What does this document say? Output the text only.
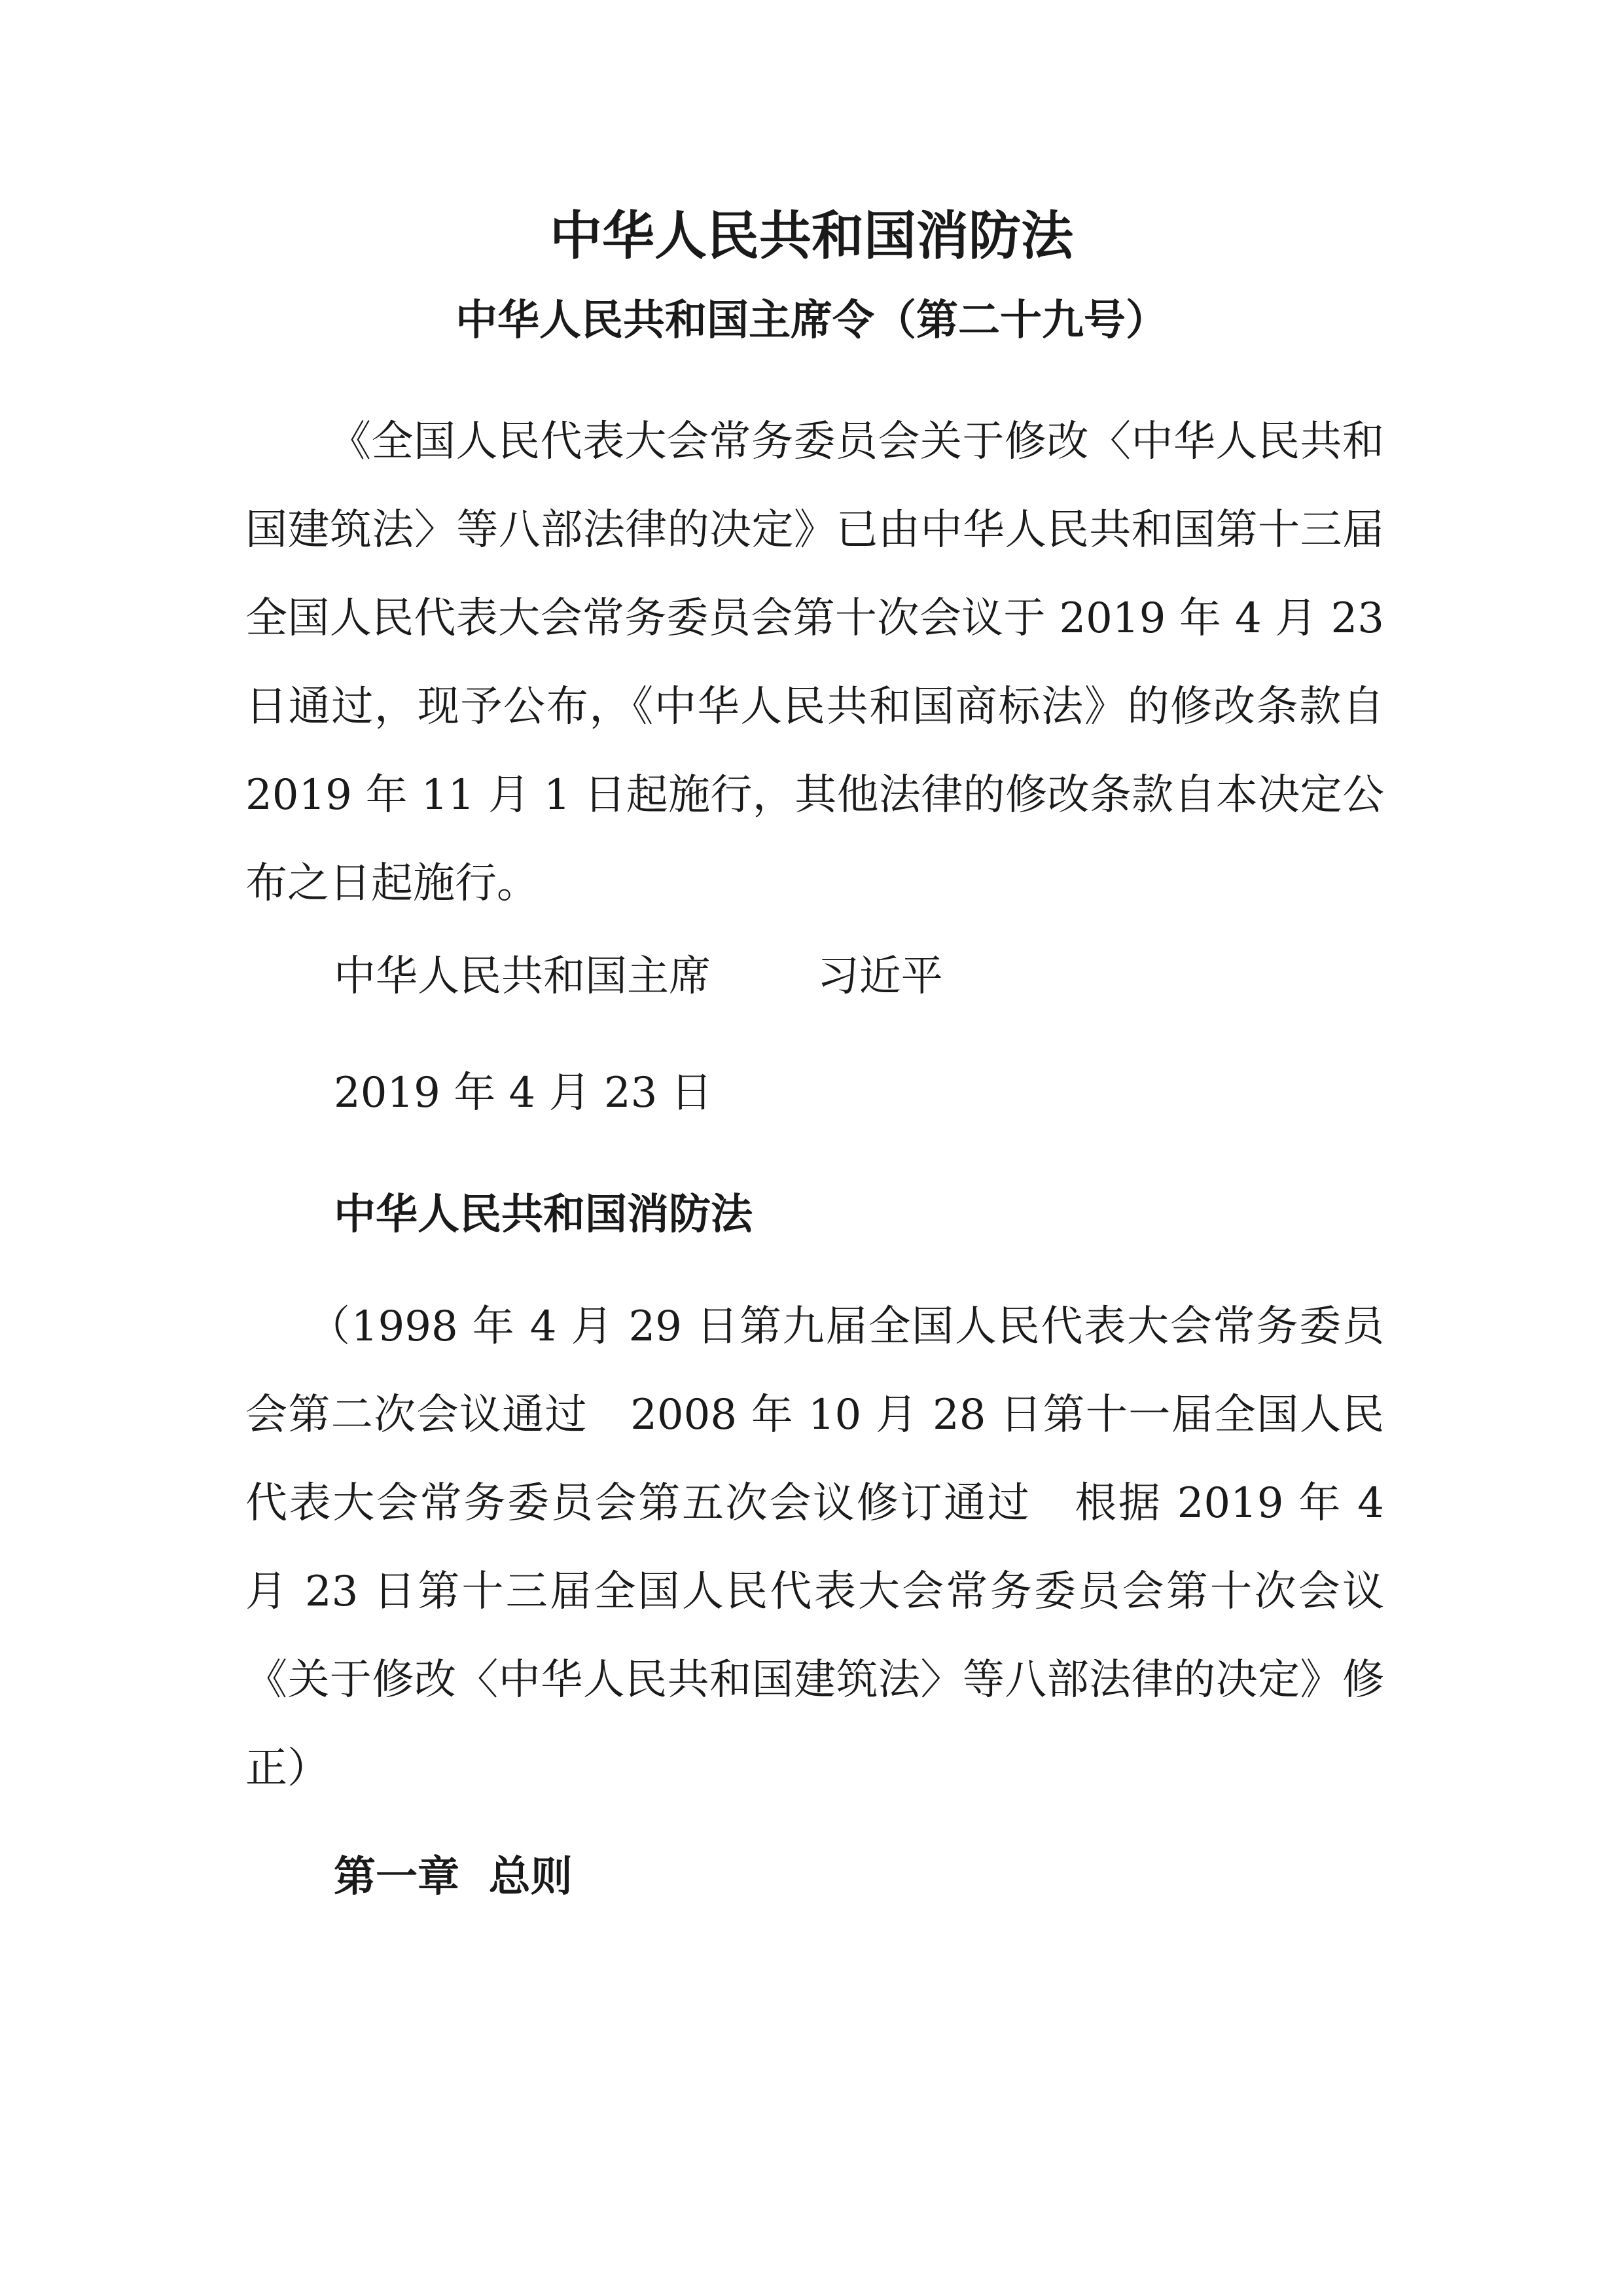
中华人民共和国消防法
中华人民共和国主席令（第二十九号）

《全国人民代表大会常务委员会关于修改〈中华人民共和国建筑法〉等八部法律的决定》已由中华人民共和国第十三届全国人民代表大会常务委员会第十次会议于 2019 年 4 月 23 日通过，现予公布，《中华人民共和国商标法》的修改条款自 2019 年 11 月 1 日起施行，其他法律的修改条款自本决定公布之日起施行。

中华人民共和国主席	习近平
2019 年 4 月 23 日
中华人民共和国消防法

（1998 年 4 月 29 日第九届全国人民代表大会常务委员会第二次会议通过　2008 年 10 月 28 日第十一届全国人民代表大会常务委员会第五次会议修订通过　根据 2019 年 4 月 23 日第十三届全国人民代表大会常务委员会第十次会议《关于修改〈中华人民共和国建筑法〉等八部法律的决定》修正）

第一章 总则
